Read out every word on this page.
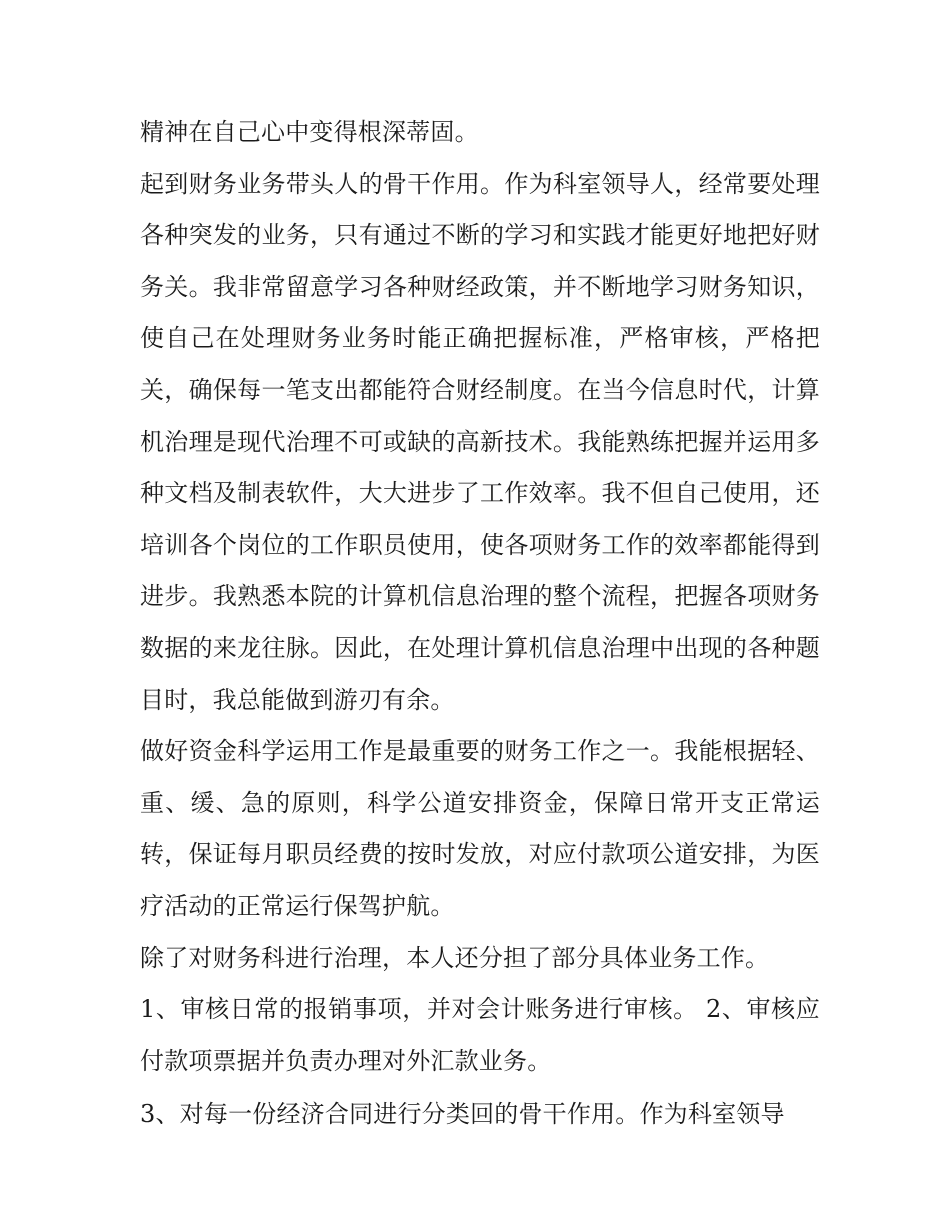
精神在自己心中变得根深蒂固。

起到财务业务带头人的骨干作用。作为科室领导人，经常要处理各种突发的业务，只有通过不断的学习和实践才能更好地把好财务关。我非常留意学习各种财经政策，并不断地学习财务知识，使自己在处理财务业务时能正确把握标准，严格审核，严格把关，确保每一笔支出都能符合财经制度。在当今信息时代，计算机治理是现代治理不可或缺的高新技术。我能熟练把握并运用多种文档及制表软件，大大进步了工作效率。我不但自己使用，还培训各个岗位的工作职员使用，使各项财务工作的效率都能得到进步。我熟悉本院的计算机信息治理的整个流程，把握各项财务数据的来龙往脉。因此，在处理计算机信息治理中出现的各种题目时，我总能做到游刃有余。

做好资金科学运用工作是最重要的财务工作之一。我能根据轻、重、缓、急的原则，科学公道安排资金，保障日常开支正常运转，保证每月职员经费的按时发放，对应付款项公道安排，为医疗活动的正常运行保驾护航。

除了对财务科进行治理，本人还分担了部分具体业务工作。

1、审核日常的报销事项，并对会计账务进行审核。 2、审核应付款项票据并负责办理对外汇款业务。

3、对每一份经济合同进行分类回的骨干作用。作为科室领导
